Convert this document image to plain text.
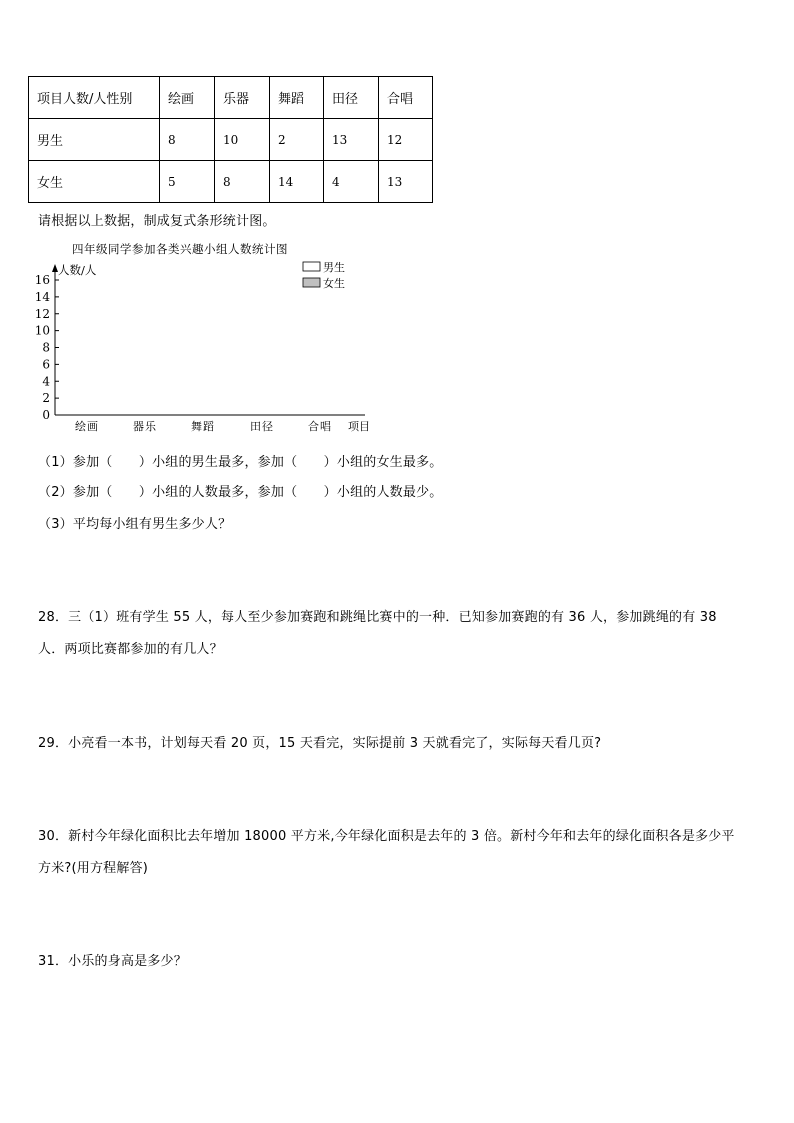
项目人数/人性别	绘画	乐器	舞蹈	田径	合唱
男生	8	10	2	13	12
女生	5	8	14	4	13
请根据以上数据，制成复式条形统计图。
四年级同学参加各类兴趣小组人数统计图
人数/人
项目
0
2
4
6
8
10
12
14
16
绘画	器乐	舞蹈	田径	合唱
男生
女生
（1）参加（　　）小组的男生最多，参加（　　）小组的女生最多。
（2）参加（　　）小组的人数最多，参加（　　）小组的人数最少。
（3）平均每小组有男生多少人？
28．三（1）班有学生 55 人，每人至少参加赛跑和跳绳比赛中的一种．已知参加赛跑的有 36 人，参加跳绳的有 38
人．两项比赛都参加的有几人？
29．小亮看一本书，计划每天看 20 页，15 天看完，实际提前 3 天就看完了，实际每天看几页?
30．新村今年绿化面积比去年增加 18000 平方米,今年绿化面积是去年的 3 倍。新村今年和去年的绿化面积各是多少平
方米?(用方程解答)
31．小乐的身高是多少？
